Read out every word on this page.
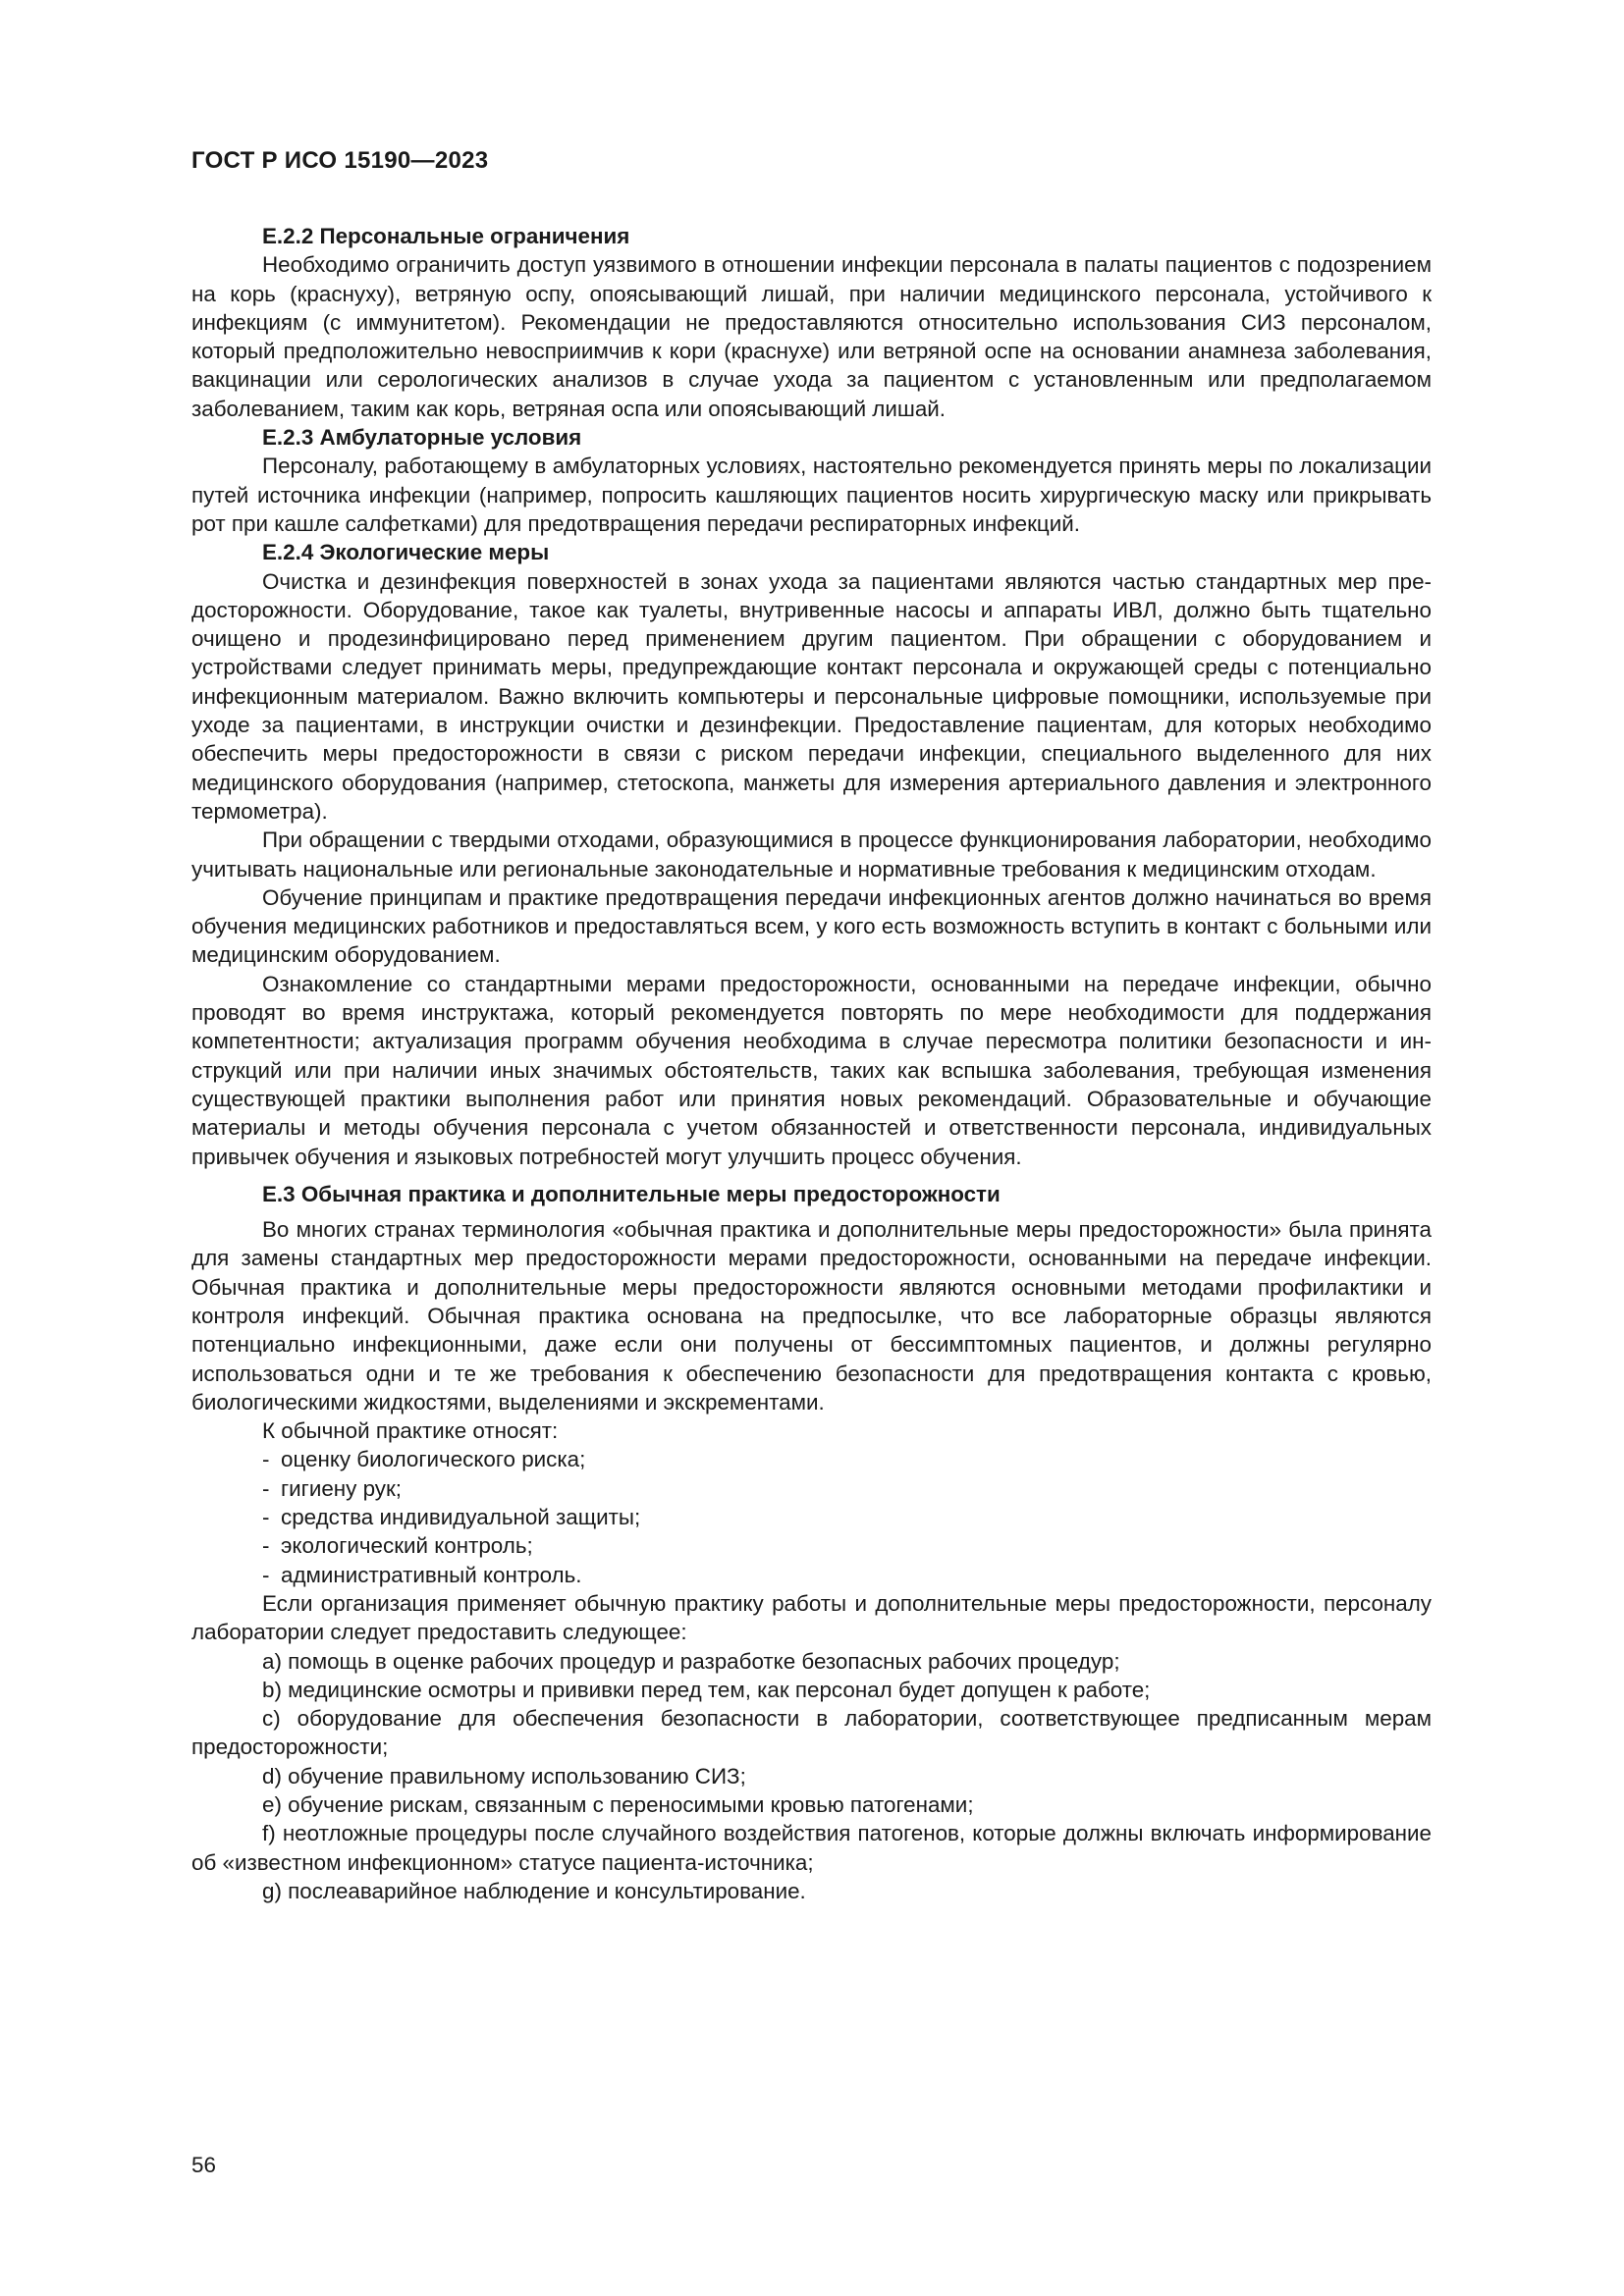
ГОСТ Р ИСО 15190—2023

Е.2.2 Персональные ограничения

Необходимо ограничить доступ уязвимого в отношении инфекции персонала в палаты пациентов с подозрением на корь (краснуху), ветряную оспу, опоясывающий лишай, при наличии медицинского персонала, устойчивого к инфекциям (с иммунитетом). Рекомендации не предоставляются относительно использования СИЗ персоналом, который предположительно невосприимчив к кори (краснухе) или ветряной оспе на основании анамнеза заболевания, вакцинации или серологических анализов в случае ухода за пациентом с установленным или предполагаемом заболеванием, таким как корь, ветряная оспа или опоясывающий лишай.

Е.2.3 Амбулаторные условия

Персоналу, работающему в амбулаторных условиях, настоятельно рекомендуется принять меры по локализации путей источника инфекции (например, попросить кашляющих пациентов носить хирургическую маску или прикрывать рот при кашле салфетками) для предотвращения передачи респираторных инфекций.

Е.2.4 Экологические меры

Очистка и дезинфекция поверхностей в зонах ухода за пациентами являются частью стандартных мер предосторожности. Оборудование, такое как туалеты, внутривенные насосы и аппараты ИВЛ, должно быть тщательно очищено и продезинфицировано перед применением другим пациентом. При обращении с оборудованием и устройствами следует принимать меры, предупреждающие контакт персонала и окружающей среды с потенциально инфекционным материалом. Важно включить компьютеры и персональные цифровые помощники, используемые при уходе за пациентами, в инструкции очистки и дезинфекции. Предоставление пациентам, для которых необходимо обеспечить меры предосторожности в связи с риском передачи инфекции, специального выделенного для них медицинского оборудования (например, стетоскопа, манжеты для измерения артериального давления и электронного термометра).

При обращении с твердыми отходами, образующимися в процессе функционирования лаборатории, необходимо учитывать национальные или региональные законодательные и нормативные требования к медицинским отходам.

Обучение принципам и практике предотвращения передачи инфекционных агентов должно начинаться во время обучения медицинских работников и предоставляться всем, у кого есть возможность вступить в контакт с больными или медицинским оборудованием.

Ознакомление со стандартными мерами предосторожности, основанными на передаче инфекции, обычно проводят во время инструктажа, который рекомендуется повторять по мере необходимости для поддержания компетентности; актуализация программ обучения необходима в случае пересмотра политики безопасности и инструкций или при наличии иных значимых обстоятельств, таких как вспышка заболевания, требующая изменения существующей практики выполнения работ или принятия новых рекомендаций. Образовательные и обучающие материалы и методы обучения персонала с учетом обязанностей и ответственности персонала, индивидуальных привычек обучения и языковых потребностей могут улучшить процесс обучения.

Е.3 Обычная практика и дополнительные меры предосторожности

Во многих странах терминология «обычная практика и дополнительные меры предосторожности» была принята для замены стандартных мер предосторожности мерами предосторожности, основанными на передаче инфекции. Обычная практика и дополнительные меры предосторожности являются основными методами профилактики и контроля инфекций. Обычная практика основана на предпосылке, что все лабораторные образцы являются потенциально инфекционными, даже если они получены от бессимптомных пациентов, и должны регулярно использоваться одни и те же требования к обеспечению безопасности для предотвращения контакта с кровью, биологическими жидкостями, выделениями и экскрементами.

К обычной практике относят:

- оценку биологического риска;

- гигиену рук;

- средства индивидуальной защиты;

- экологический контроль;

- административный контроль.

Если организация применяет обычную практику работы и дополнительные меры предосторожности, персоналу лаборатории следует предоставить следующее:

a) помощь в оценке рабочих процедур и разработке безопасных рабочих процедур;

b) медицинские осмотры и прививки перед тем, как персонал будет допущен к работе;

c) оборудование для обеспечения безопасности в лаборатории, соответствующее предписанным мерам предосторожности;

d) обучение правильному использованию СИЗ;

e) обучение рискам, связанным с переносимыми кровью патогенами;

f) неотложные процедуры после случайного воздействия патогенов, которые должны включать информирование об «известном инфекционном» статусе пациента-источника;

g) послеаварийное наблюдение и консультирование.

56
